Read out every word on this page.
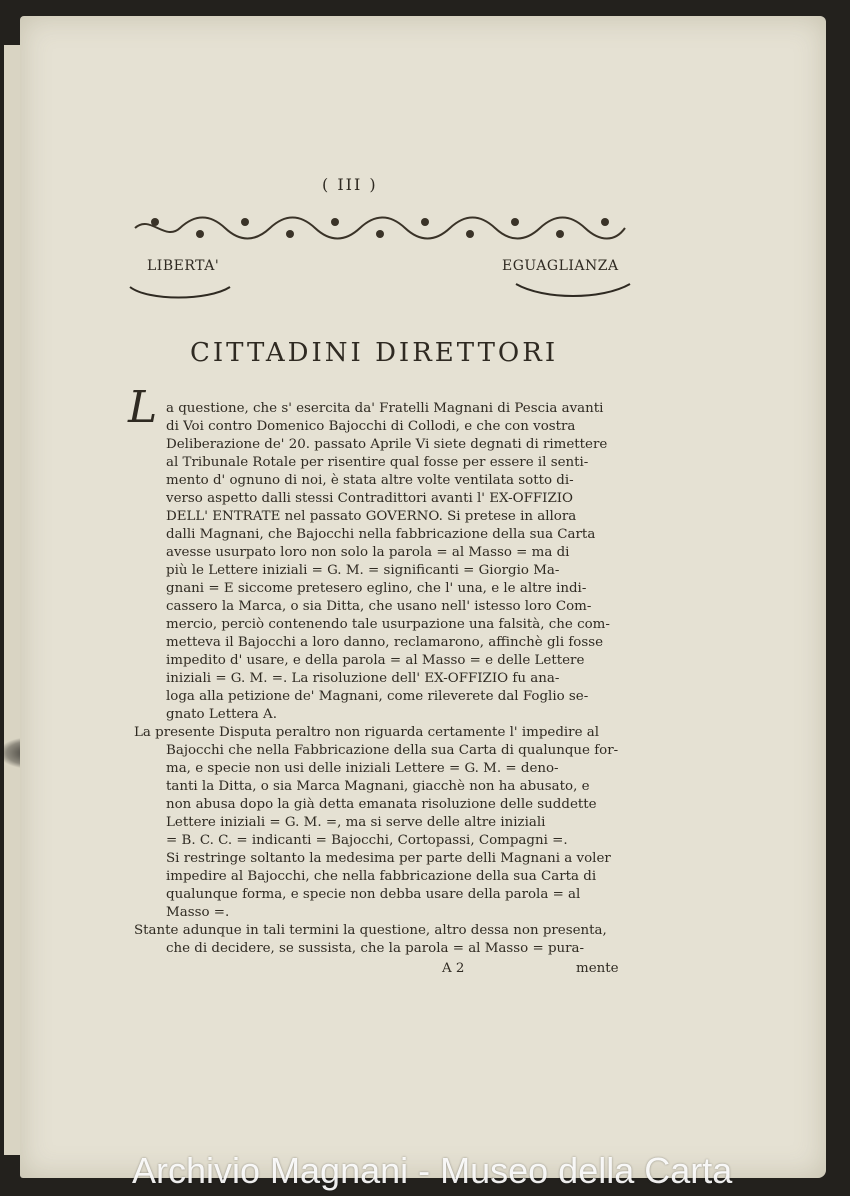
( III )
LIBERTA'	EGUAGLIANZA
CITTADINI DIRETTORI
L a questione, che s' esercita da' Fratelli Magnani di Pescia avanti
di Voi contro Domenico Bajocchi di Collodi, e che con vostra
Deliberazione de' 20. passato Aprile Vi siete degnati di rimettere
al Tribunale Rotale per risentire qual fosse per essere il senti-
mento d' ognuno di noi, è stata altre volte ventilata sotto di-
verso aspetto dalli stessi Contradittori avanti l' EX-OFFIZIO
DELL' ENTRATE nel passato GOVERNO. Si pretese in allora
dalli Magnani, che Bajocchi nella fabbricazione della sua Carta
avesse usurpato loro non solo la parola = al Masso = ma di
più le Lettere iniziali = G. M. = significanti = Giorgio Ma-
gnani = E siccome pretesero eglino, che l' una, e le altre indi-
cassero la Marca, o sia Ditta, che usano nell' istesso loro Com-
mercio, perciò contenendo tale usurpazione una falsità, che com-
metteva il Bajocchi a loro danno, reclamarono, affinchè gli fosse
impedito d' usare, e della parola = al Masso = e delle Lettere
iniziali = G. M. =. La risoluzione dell' EX-OFFIZIO fu ana-
loga alla petizione de' Magnani, come rileverete dal Foglio se-
gnato Lettera A.
La presente Disputa peraltro non riguarda certamente l' impedire al
Bajocchi che nella Fabbricazione della sua Carta di qualunque for-
ma, e specie non usi delle iniziali Lettere = G. M. = deno-
tanti la Ditta, o sia Marca Magnani, giacchè non ha abusato, e
non abusa dopo la già detta emanata risoluzione delle suddette
Lettere iniziali = G. M. =, ma si serve delle altre iniziali
= B. C. C. = indicanti = Bajocchi, Cortopassi, Compagni =.
Si restringe soltanto la medesima per parte delli Magnani a voler
impedire al Bajocchi, che nella fabbricazione della sua Carta di
qualunque forma, e specie non debba usare della parola = al
Masso =.
Stante adunque in tali termini la questione, altro dessa non presenta,
che di decidere, se sussista, che la parola = al Masso = pura-
A 2	mente
Archivio Magnani - Museo della Carta
